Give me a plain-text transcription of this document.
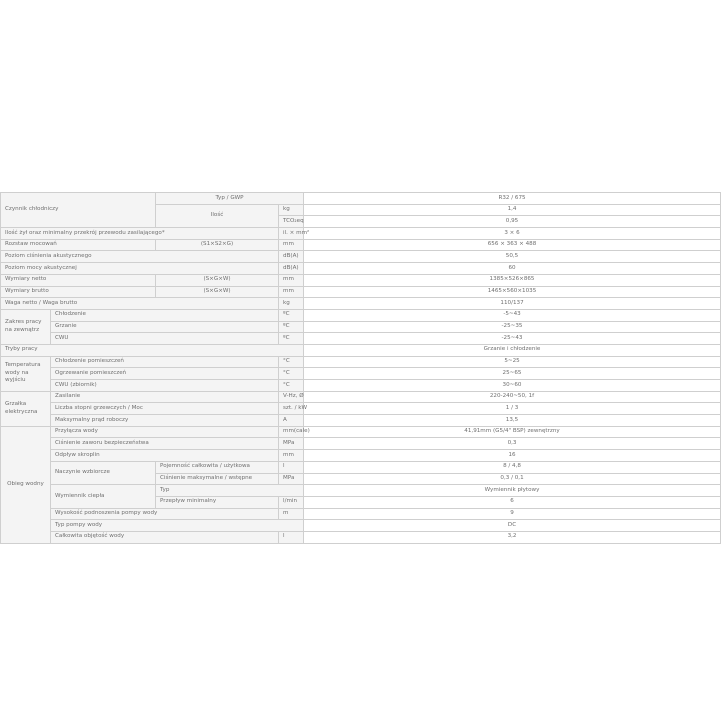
Czynnik chłodniczy		Typ / GWP		R32 / 675
		Ilość	kg	1,4
			TCO₂eq	0,95
Ilość żył oraz minimalny przekrój przewodu zasilającego*			il. × mm²	3 × 6
Rozstaw mocowań		(S1×S2×G)	mm	656 × 363 × 488
Poziom ciśnienia akustycznego			dB(A)	50,5
Poziom mocy akustycznej			dB(A)	60
Wymiary netto		(S×G×W)	mm	1385×526×865
Wymiary brutto		(S×G×W)	mm	1465×560×1035
Waga netto / Waga brutto			kg	110/137
Zakres pracy na zewnątrz	Chłodzenie		ºC	-5~43
	Grzanie		ºC	-25~35
	CWU		ºC	-25~43
Tryby pracy				Grzanie i chłodzenie
Temperatura wody na wyjściu	Chłodzenie pomieszczeń		°C	5~25
	Ogrzewanie pomieszczeń		°C	25~65
	CWU (zbiornik)		°C	30~60
Grzałka elektryczna	Zasilanie		V-Hz, Ø	220-240~50, 1f
	Liczba stopni grzewczych / Moc		szt. / kW	1 / 3
	Maksymalny prąd roboczy		A	13,5
Obieg wodny	Przyłącza wody		mm(cale)	41,91mm (G5/4" BSP) zewnętrzny
	Ciśnienie zaworu bezpieczeństwa		MPa	0,3
	Odpływ skroplin		mm	16
	Naczynie wzbiorcze	Pojemność całkowita / użytkowa	l	8 / 4,8
		Ciśnienie maksymalne / wstępne	MPa	0,3 / 0,1
	Wymiennik ciepła	Typ		Wymiennik płytowy
		Przepływ minimalny	l/min	6
	Wysokość podnoszenia pompy wody		m	9
	Typ pompy wody			DC
	Całkowita objętość wody		l	3,2
